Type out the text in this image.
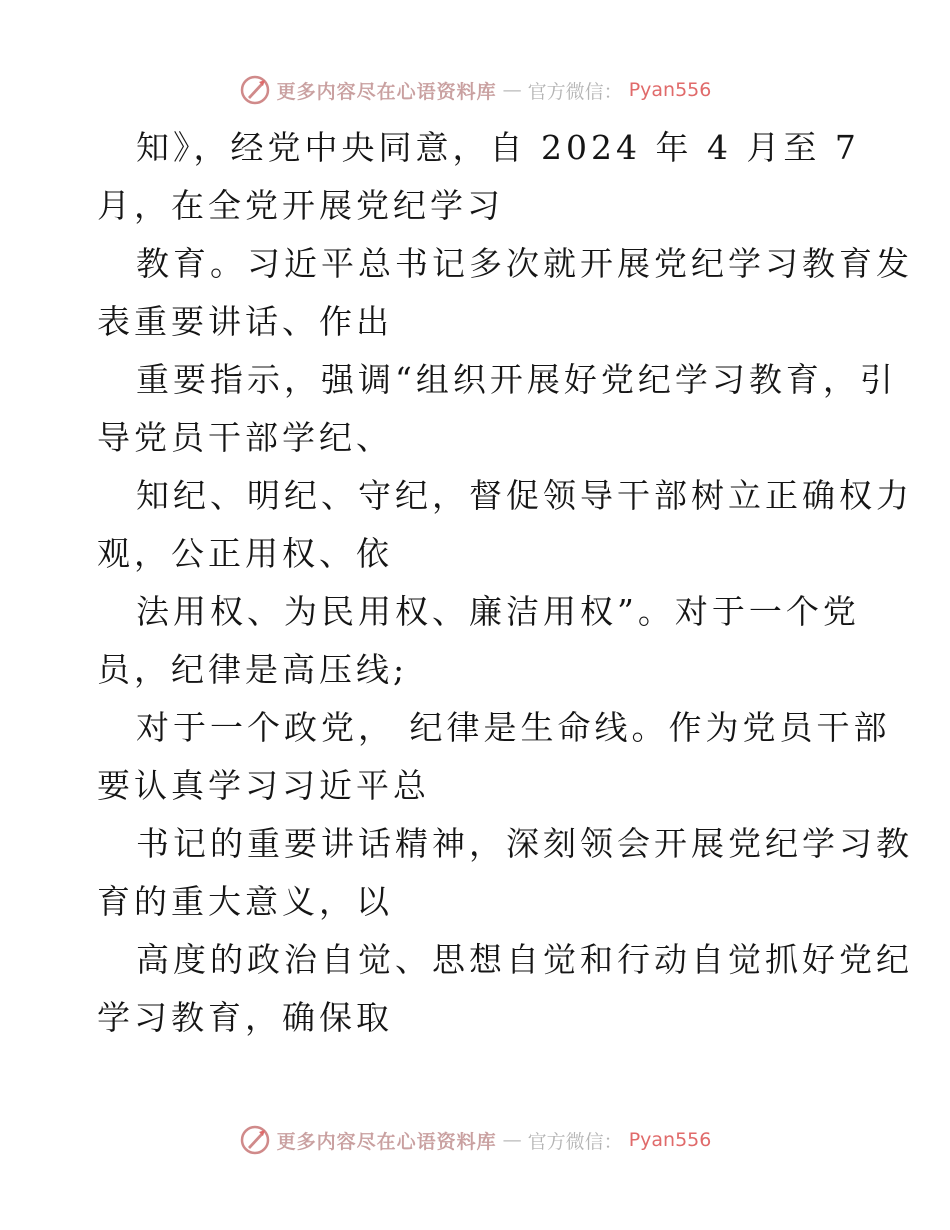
更多内容尽在心语资料库 — 官方微信： Pyan556
知》，经党中央同意，自 2024 年 4 月至 7
月，在全党开展党纪学习
教育。习近平总书记多次就开展党纪学习教育发
表重要讲话、作出
重要指示，强调“组织开展好党纪学习教育，引
导党员干部学纪、
知纪、明纪、守纪，督促领导干部树立正确权力
观，公正用权、依
法用权、为民用权、廉洁用权”。对于一个党
员，纪律是高压线;
对于一个政党， 纪律是生命线。作为党员干部
要认真学习习近平总
书记的重要讲话精神，深刻领会开展党纪学习教
育的重大意义，以
高度的政治自觉、思想自觉和行动自觉抓好党纪
学习教育，确保取
更多内容尽在心语资料库 — 官方微信： Pyan556
